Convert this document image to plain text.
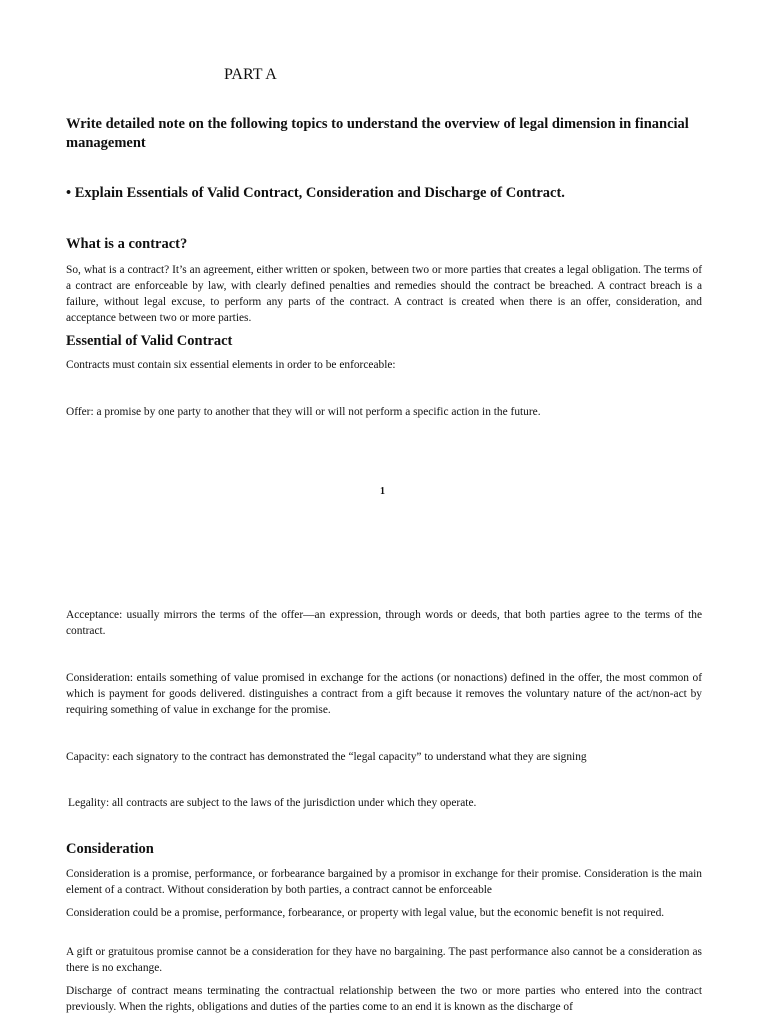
PART A
Write detailed note on the following topics to understand the overview of legal dimension in financial management
• Explain Essentials of Valid Contract, Consideration and Discharge of Contract.
What is a contract?
So, what is a contract? It’s an agreement, either written or spoken, between two or more parties that creates a legal obligation. The terms of a contract are enforceable by law, with clearly defined penalties and remedies should the contract be breached. A contract breach is a failure, without legal excuse, to perform any parts of the contract. A contract is created when there is an offer, consideration, and acceptance between two or more parties.
Essential of Valid Contract
Contracts must contain six essential elements in order to be enforceable:
Offer: a promise by one party to another that they will or will not perform a specific action in the future.
1
Acceptance: usually mirrors the terms of the offer—an expression, through words or deeds, that both parties agree to the terms of the contract.
Consideration: entails something of value promised in exchange for the actions (or nonactions) defined in the offer, the most common of which is payment for goods delivered. distinguishes a contract from a gift because it removes the voluntary nature of the act/non-act by requiring something of value in exchange for the promise.
Capacity: each signatory to the contract has demonstrated the “legal capacity” to understand what they are signing
Legality: all contracts are subject to the laws of the jurisdiction under which they operate.
Consideration
Consideration is a promise, performance, or forbearance bargained by a promisor in exchange for their promise. Consideration is the main element of a contract. Without consideration by both parties, a contract cannot be enforceable
Consideration could be a promise, performance, forbearance, or property with legal value, but the economic benefit is not required.
A gift or gratuitous promise cannot be a consideration for they have no bargaining. The past performance also cannot be a consideration as there is no exchange.
Discharge of contract means terminating the contractual relationship between the two or more parties who entered into the contract previously. When the rights, obligations and duties of the parties come to an end it is known as the discharge of
